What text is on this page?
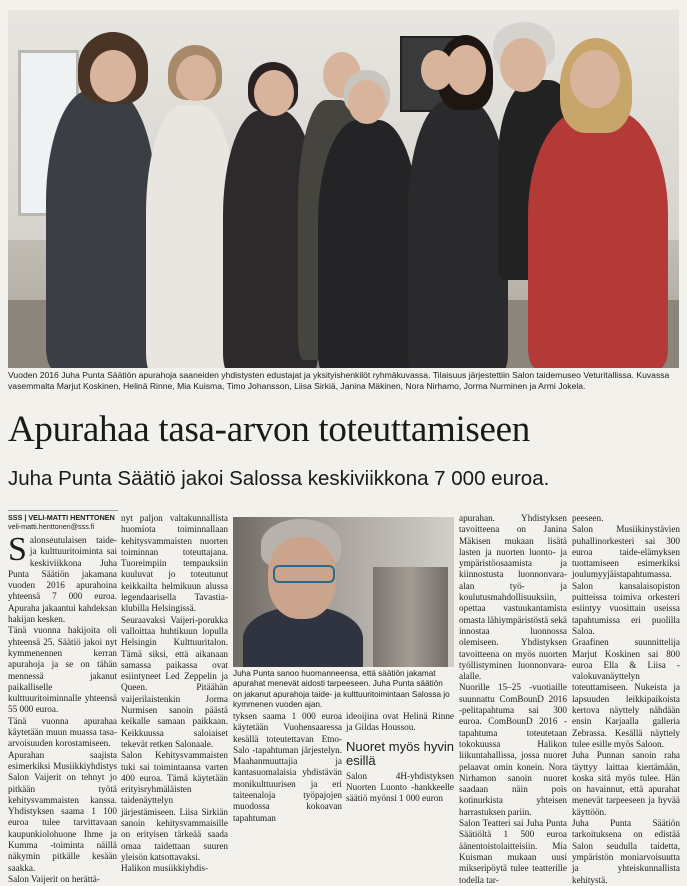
Vuoden 2016 Juha Punta Säätiön apurahoja saaneiden yhdistysten edustajat ja yksityishenkilöt ryhmäkuvassa. Tilaisuus järjestettiin Salon taidemuseo Veturitallissa. Kuvassa vasemmalta Marjut Koskinen, Helinä Rinne, Mia Kuisma, Timo Johansson, Liisa Sirkiä, Janina Mäkinen, Nora Nirhamo, Jorma Nurminen ja Armi Jokela.
Apurahaa tasa-arvon toteuttamiseen
Juha Punta Säätiö jakoi Salossa keskiviikkona 7 000 euroa.
SSS | VELI-MATTI HENTTONEN
veli-matti.henttonen@sss.fi

Salonseutulaisen taide- ja kulttuuritoiminta sai keskiviikkona Juha Punta Säätiön jakamana vuoden 2016 apurahoina yhteensä 7 000 euroa. Apuraha jakaantui kahdeksan hakijan kesken.

Tänä vuonna hakijoita oli yhteensä 25. Säätiö jakoi nyt kymmenennen kerran apurahoja ja se on tähän mennessä jakanut paikalliselle kulttuuritoiminnalle yhteensä 55 000 euroa.

Tänä vuonna apurahaa käytetään muun muassa tasa-arvoisuuden korostamiseen.

Apurahan saajista esimerkiksi Musiikkiyhdistys Salon Vaijerit on tehnyt jo pitkään työtä kehitysvammaisten kanssa. Yhdistyksen saama 1 100 euroa tulee tarvittavaan kaupunkiolohuone Ihme ja Kumma -toiminta näillä näkymin pitkälle kesään saakka.

Salon Vaijerit on herättä-

nyt paljon valtakunnallista huomiota toiminnallaan kehitysvammaisten nuorten toiminnan toteuttajana. Tuoreimpiin tempauksiin kuuluvat jo toteutunut keikkailta helmikuun alussa legendaarisella Tavastia-klubilla Helsingissä.

Seuraavaksi Vaijeri-porukka valloittaa huhtikuun lopulla Helsingin Kulttuuritalon. Tämä siksi, että aikanaan samassa paikassa ovat esiintyneet Led Zeppelin ja Queen. Pitäähän vaijerilaistenkin Jorma Nurmisen sanoin päästä keikalle samaan paikkaan. Keikkuussa saloiaiset tekevät retken Salonaale.

Salon Kehitysvammaisten tuki sai toimintaansa varten 400 euroa. Tämä käytetään erityisryhmäläisten taidenäyttelyn järjestämiseen. Liisa Sirkiän sanoin kehitysvammaisille on erityisen tärkeää saada omaa taidettaan suuren yleisön katsottavaksi.

Halikon musiikkiyhdis-

Juha Punta sanoo huomanneensa, että säätiön jakamat apurahat menevät aidosti tarpeeseen. Juha Punta säätiön on jakanut apurahoja taide- ja kulttuuritoimintaan Salossa jo kymmenen vuoden ajan.

tyksen saama 1 000 euroa käytetään Vuohensaaressa kesällä toteutettavan Etno-Salo -tapahtuman järjestelyn. Maahanmuuttajia ja kantasuomalaisia yhdistävän monikulttuurisen ja eri taiteenaloja työpajojen muodossa kokoavan tapahtuman

ideoijina ovat Helinä Rinne ja Gildas Houssou.

Nuoret myös hyvin esillä

Salon 4H-yhdistyksen Nuorten Luonto -hankkeelle säätiö myönsi 1 000 euron

apurahan. Yhdistyksen tavoitteena on Janina Mäkisen mukaan lisätä lasten ja nuorten luonto- ja ympäristöosaamista ja kiinnostusta luonnonvara-alan työ- ja koulutusmahdollisuuksiin, opettaa vastuukantamista omasta lähiympäristöstä sekä innostaa luonnossa olemiseen. Yhdistyksen tavoitteena on myös nuorten työllistyminen luonnonvara-alalle.

Nuorille 15–25 -vuotiaille suunnattu ComBounD 2016 -pelitapahtuma sai 300 euroa. ComBounD 2016 -tapahtuma toteutetaan tokokuussa Halikon liikuntahallissa, jossa nuoret pelaavat omin konein. Nora Nirhamon sanoin nuoret saadaan näin pois kotinurkista yhteisen harrastuksen pariin.

Salon Teatteri sai Juha Punta Säätiöltä 1 500 euroa äänentoistolaitteisiin. Mia Kuisman mukaan uusi mikseripöytä tulee teatterille todella tar-

peeseen.

Salon Musiikinystävien puhallinorkesteri sai 300 euroa taide-elämyksen tuottamiseen esimerkiksi joulumyyjäistapahtumassa. Salon kansalaisopiston puitteissa toimiva orkesteri esiintyy vuosittain useissa tapahtumissa eri puolilla Saloa.

Graafinen suunnittelija Marjut Koskinen sai 800 euroa Ella & Liisa -valokuvanäyttelyn toteuttamiseen. Nukeista ja lapsuuden leikkipaikoista kertova näyttely nähdään ensin Karjaalla galleria Zebrassa. Kesällä näyttely tulee esille myös Saloon.

Juha Punnan sanoin raha täyttyy laittaa kiertämään, koska sitä myös tulee. Hän on havainnut, että apurahat menevät tarpeeseen ja hyvää käyttöön.

Juha Punta Säätiön tarkoituksena on edistää Salon seudulla taidetta, ympäristön moniarvoisuutta ja yhteiskunnallista kehitystä.
